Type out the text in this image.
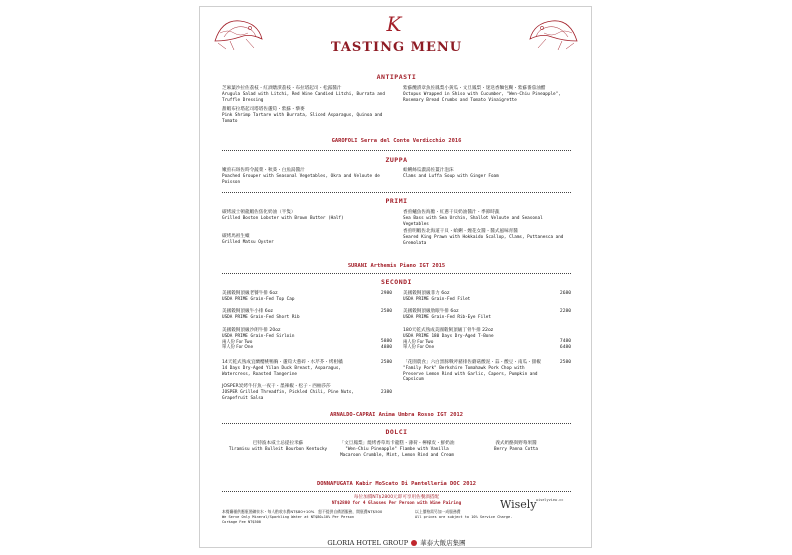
K
TASTING MENU
ANTIPASTI
芝麻葉沙拉佐荔枝・紅酒燉漬荔枝・布拉塔起司・松露醬汁
Arugula Salad with Litchi, Red Wine Candied Litchi, Burrata and Truffle Dressing
甜蝦布拉塔起司塔塔佐蘆筍・紫蘇・藜麥
Pink Shrimp Tartare with Burrata, Sliced Asparagus, Quinoa and Tomato
紫蘇醃漬章魚佐鳳梨小黃瓜・文旦鳳梨・迷迭香麵包糊・紫蘇番茄油醋
Octopus Wrapped in Shiso with Cucumber, "Wen-Chiu Pineapple", Rosemary Bread Crumbs and Tomato Vinaigrette
GAROFOLI Serra del Conte Verdicchio 2016
ZUPPA
嫩煎石斑佐時令蔬菜・秋葵・白魚湯醬汁
Poached Grouper with Seasonal Vegetables, Okra and Veloute de Poisson
蛤蜊絲瓜濃湯佐薑汁泡沫
Clams and Luffa Soup with Ginger Foam
PRIMI
碳烤波士頓龍蝦佐焦化奶油（半隻）
Grilled Boston Lobster with Brown Butter (Half)
碳烤馬祖生蠔
Grilled Matsu Oyster
香煎鱸魚佐海膽・紅蔥干貝奶油醬汁・季節時蔬
Sea Bass with Sea Urchin, Shallot Veloute and Seasonal Vegetables
香煎明蝦佐北海道干貝・蛤蜊・煙花女醬・醬式風味青醬
Seared King Prawn with Hokkaido Scallop, Clams, Puttanesca and Gremolata
SURANI Arthemis Piano IGT 2015
SECONDI
美國穀飼頂級老饕牛排 6oz
USDA PRIME Grain-Fed Top Cap
2980
美國穀飼頂級牛小排 6oz
USDA PRIME Grain-Fed Short Rib
2580
美國穀飼頂級沙朗牛排 20oz
USDA PRIME Grain-Fed Sirloin
兩人份 For Two
單人份 For One
5880
4880
14天乾式熟成宜蘭櫻桃鴨胸・蘆筍大蔥碎・水芹芥・烤柑橘
14 Days Dry-Aged Yilan Duck Breast, Asparagus, Watercress, Roasted Tangerine
2580
JOSPER炭烤牛仔魚一夜干・墨辣椒・松子・西柚莎莎
JOSPER Grilled Threadfin, Pickled Chili, Pine Nuts, Grapefruit Salsa
2380
美國穀飼頂級菲力 6oz
USDA PRIME Grain-Fed Filet
2680
美國穀飼頂級肋眼牛排 6oz
USDA PRIME Grain-Fed Rib-Eye Filet
2280
180天乾式熟成美國穀飼頂級丁骨牛排 22oz
USDA PRIME 180 Days Dry-Aged T-Bone
兩人份 For Two
單人份 For One
7480
6480
「花園農食」六白黑豚戰斧豬排佐蘑菇酸泥・蒜・酸豆・南瓜・甜椒
"Family Pork" Berkshire Tomahawk Pork Chop with Preserve Lemon Rind with Garlic, Capers, Pumpkin and Capsicum
2580
ARNALDO-CAPRAI Anima Umbra Rosso IGT 2012
DOLCI
巴特波本威士忌提拉米蘇
Tiramisu with Bulleit Bourbon Kentucky
「文旦鳳梨」燒烤香草馬卡龍糕・薄荷・檸檬皮・鮮奶油
"Wen-Chiu Pineapple" Flambe with Vanilla Macaroon Crumble, Mint, Lemon Rind and Cream
義式奶酪與野莓果醬
Berry Panna Cotta
DONNAFUGATA Kabir MoScato Di Pantelleria DOC 2012
每位加價NT$2800元即可享用佐餐酒搭配
NT$2800 for 4 Glasses Per Person with Wine Pairing
本餐廳僅供應瓶裝礦泉水・每人酌收水費NT$80+10%　恕不提供自備酒服務，開瓶費NT$500
We Serve Only Mineral/Sparkling Water at NT$80+10% Per Person
Corkage Fee NT$500
以上價格需另加一成服務費
All prices are subject to 10% Service Charge.
Wisely wiselyview.cc
GLORIA HOTEL GROUP 華泰大飯店集團
